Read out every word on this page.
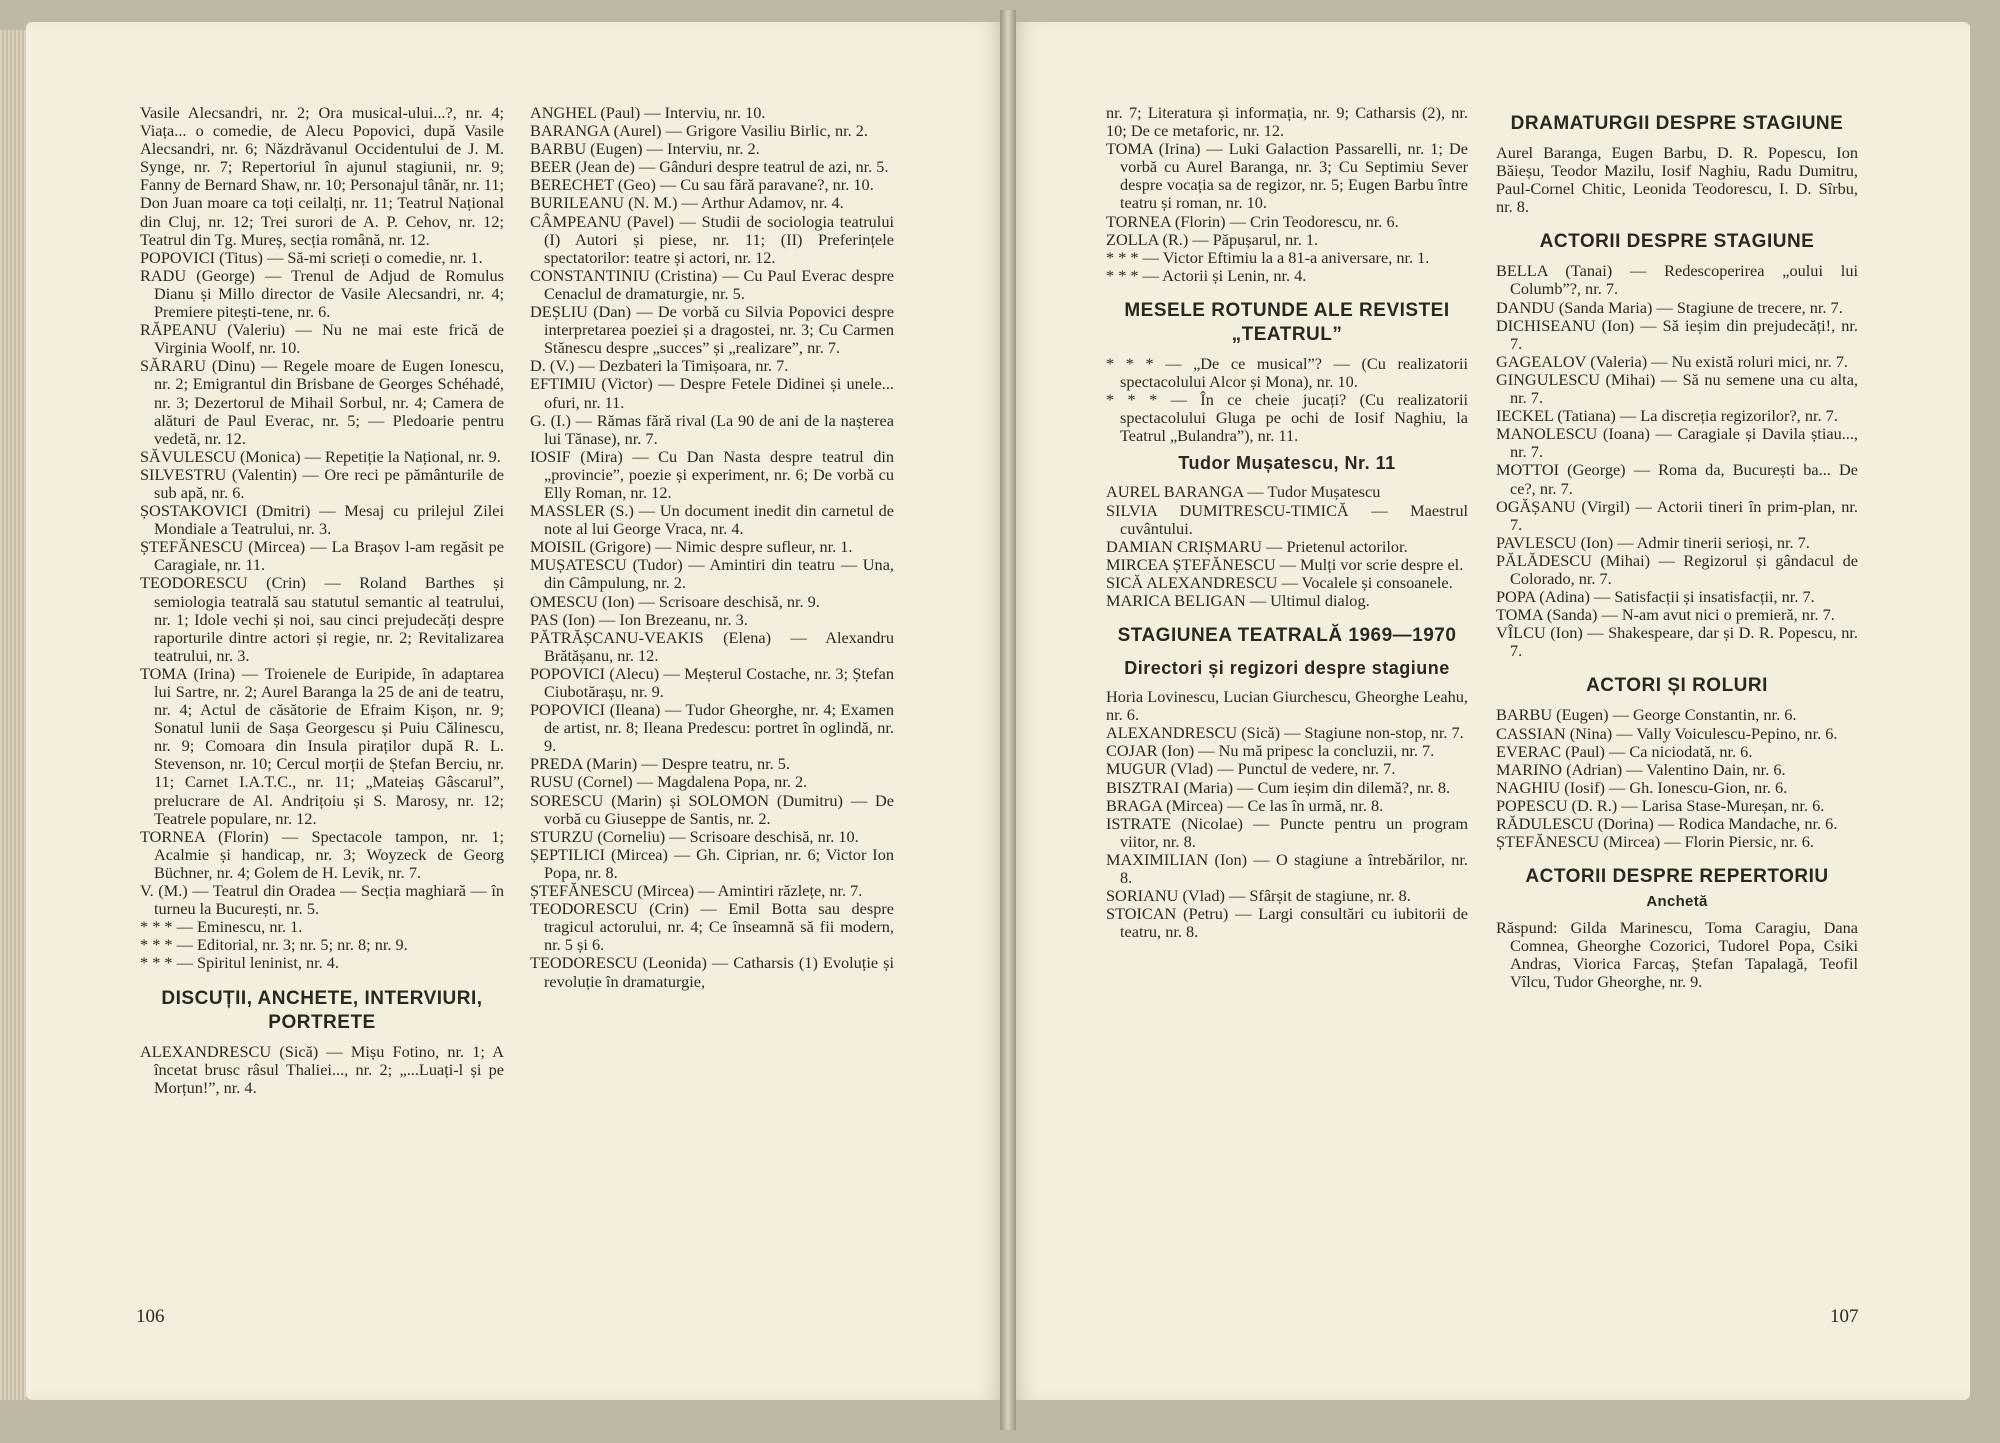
Vasile Alecsandri, nr. 2; Ora musical-ului...?, nr. 4; Viața... o comedie, de Alecu Popovici, după Vasile Alecsandri, nr. 6; Năzdrăvanul Occidentului de J. M. Synge, nr. 7; Repertoriul în ajunul stagiunii, nr. 9; Fanny de Bernard Shaw, nr. 10; Personajul tânăr, nr. 11; Don Juan moare ca toți ceilalți, nr. 11; Teatrul Național din Cluj, nr. 12; Trei surori de A. P. Cehov, nr. 12; Teatrul din Tg. Mureș, secția română, nr. 12.
POPOVICI (Titus) — Să-mi scrieți o comedie, nr. 1.
RADU (George) — Trenul de Adjud de Romulus Dianu și Millo director de Vasile Alecsandri, nr. 4; Premiere pitești-tene, nr. 6.
RĂPEANU (Valeriu) — Nu ne mai este frică de Virginia Woolf, nr. 10.
SĂRARU (Dinu) — Regele moare de Eugen Ionescu, nr. 2; Emigrantul din Brisbane de Georges Schéhadé, nr. 3; Dezertorul de Mihail Sorbul, nr. 4; Camera de alături de Paul Everac, nr. 5; — Pledoarie pentru vedetă, nr. 12.
SĂVULESCU (Monica) — Repetiție la Național, nr. 9.
SILVESTRU (Valentin) — Ore reci pe pământurile de sub apă, nr. 6.
ȘOSTAKOVICI (Dmitri) — Mesaj cu prilejul Zilei Mondiale a Teatrului, nr. 3.
ȘTEFĂNESCU (Mircea) — La Brașov l-am regăsit pe Caragiale, nr. 11.
TEODORESCU (Crin) — Roland Barthes și semiologia teatrală sau statutul semantic al teatrului, nr. 1; Idole vechi și noi, sau cinci prejudecăți despre raporturile dintre actori și regie, nr. 2; Revitalizarea teatrului, nr. 3.
TOMA (Irina) — Troienele de Euripide, în adaptarea lui Sartre, nr. 2; Aurel Baranga la 25 de ani de teatru, nr. 4; Actul de căsătorie de Efraim Kișon, nr. 9; Sonatul lunii de Sașa Georgescu și Puiu Călinescu, nr. 9; Comoara din Insula piraților după R. L. Stevenson, nr. 10; Cercul morții de Ștefan Berciu, nr. 11; Carnet I.A.T.C., nr. 11; „Mateiaș Gâscarul”, prelucrare de Al. Andrițoiu și S. Marosy, nr. 12; Teatrele populare, nr. 12.
TORNEA (Florin) — Spectacole tampon, nr. 1; Acalmie și handicap, nr. 3; Woyzeck de Georg Büchner, nr. 4; Golem de H. Levik, nr. 7.
V. (M.) — Teatrul din Oradea — Secția maghiară — în turneu la București, nr. 5.
* * * — Eminescu, nr. 1.
* * * — Editorial, nr. 3; nr. 5; nr. 8; nr. 9.
* * * — Spiritul leninist, nr. 4.
DISCUȚII, ANCHETE, INTERVIURI, PORTRETE
ALEXANDRESCU (Sică) — Mișu Fotino, nr. 1; A încetat brusc râsul Thaliei..., nr. 2; „...Luați-l și pe Morțun!”, nr. 4.
ANGHEL (Paul) — Interviu, nr. 10.
BARANGA (Aurel) — Grigore Vasiliu Birlic, nr. 2.
BARBU (Eugen) — Interviu, nr. 2.
BEER (Jean de) — Gânduri despre teatrul de azi, nr. 5.
BERECHET (Geo) — Cu sau fără paravane?, nr. 10.
BURILEANU (N. M.) — Arthur Adamov, nr. 4.
CÂMPEANU (Pavel) — Studii de sociologia teatrului (I) Autori și piese, nr. 11; (II) Preferințele spectatorilor: teatre și actori, nr. 12.
CONSTANTINIU (Cristina) — Cu Paul Everac despre Cenaclul de dramaturgie, nr. 5.
DEȘLIU (Dan) — De vorbă cu Silvia Popovici despre interpretarea poeziei și a dragostei, nr. 3; Cu Carmen Stănescu despre „succes” și „realizare”, nr. 7.
D. (V.) — Dezbateri la Timișoara, nr. 7.
EFTIMIU (Victor) — Despre Fetele Didinei și unele... ofuri, nr. 11.
G. (I.) — Rămas fără rival (La 90 de ani de la nașterea lui Tănase), nr. 7.
IOSIF (Mira) — Cu Dan Nasta despre teatrul din „provincie”, poezie și experiment, nr. 6; De vorbă cu Elly Roman, nr. 12.
MASSLER (S.) — Un document inedit din carnetul de note al lui George Vraca, nr. 4.
MOISIL (Grigore) — Nimic despre sufleur, nr. 1.
MUȘATESCU (Tudor) — Amintiri din teatru — Una, din Câmpulung, nr. 2.
OMESCU (Ion) — Scrisoare deschisă, nr. 9.
PAS (Ion) — Ion Brezeanu, nr. 3.
PĂTRĂȘCANU-VEAKIS (Elena) — Alexandru Brătășanu, nr. 12.
POPOVICI (Alecu) — Meșterul Costache, nr. 3; Ștefan Ciubotărașu, nr. 9.
POPOVICI (Ileana) — Tudor Gheorghe, nr. 4; Examen de artist, nr. 8; Ileana Predescu: portret în oglindă, nr. 9.
PREDA (Marin) — Despre teatru, nr. 5.
RUSU (Cornel) — Magdalena Popa, nr. 2.
SORESCU (Marin) și SOLOMON (Dumitru) — De vorbă cu Giuseppe de Santis, nr. 2.
STURZU (Corneliu) — Scrisoare deschisă, nr. 10.
ȘEPTILICI (Mircea) — Gh. Ciprian, nr. 6; Victor Ion Popa, nr. 8.
ȘTEFĂNESCU (Mircea) — Amintiri răzlețe, nr. 7.
TEODORESCU (Crin) — Emil Botta sau despre tragicul actorului, nr. 4; Ce înseamnă să fii modern, nr. 5 și 6.
TEODORESCU (Leonida) — Catharsis (1) Evoluție și revoluție în dramaturgie,
nr. 7; Literatura și informația, nr. 9; Catharsis (2), nr. 10; De ce metaforic, nr. 12.
TOMA (Irina) — Luki Galaction Passarelli, nr. 1; De vorbă cu Aurel Baranga, nr. 3; Cu Septimiu Sever despre vocația sa de regizor, nr. 5; Eugen Barbu între teatru și roman, nr. 10.
TORNEA (Florin) — Crin Teodorescu, nr. 6.
ZOLLA (R.) — Păpușarul, nr. 1.
* * * — Victor Eftimiu la a 81-a aniversare, nr. 1.
* * * — Actorii și Lenin, nr. 4.
MESELE ROTUNDE ALE REVISTEI „TEATRUL”
* * * — „De ce musical”? — (Cu realizatorii spectacolului Alcor și Mona), nr. 10.
* * * — În ce cheie jucați? (Cu realizatorii spectacolului Gluga pe ochi de Iosif Naghiu, la Teatrul „Bulandra”), nr. 11.
Tudor Mușatescu, Nr. 11
AUREL BARANGA — Tudor Mușatescu
SILVIA DUMITRESCU-TIMICĂ — Maestrul cuvântului.
DAMIAN CRIȘMARU — Prietenul actorilor.
MIRCEA ȘTEFĂNESCU — Mulți vor scrie despre el.
SICĂ ALEXANDRESCU — Vocalele și consoanele.
MARICA BELIGAN — Ultimul dialog.
STAGIUNEA TEATRALĂ 1969—1970
Directori și regizori despre stagiune
Horia Lovinescu, Lucian Giurchescu, Gheorghe Leahu, nr. 6.
ALEXANDRESCU (Sică) — Stagiune non-stop, nr. 7.
COJAR (Ion) — Nu mă pripesc la concluzii, nr. 7.
MUGUR (Vlad) — Punctul de vedere, nr. 7.
BISZTRAI (Maria) — Cum ieșim din dilemă?, nr. 8.
BRAGA (Mircea) — Ce las în urmă, nr. 8.
ISTRATE (Nicolae) — Puncte pentru un program viitor, nr. 8.
MAXIMILIAN (Ion) — O stagiune a întrebărilor, nr. 8.
SORIANU (Vlad) — Sfârșit de stagiune, nr. 8.
STOICAN (Petru) — Largi consultări cu iubitorii de teatru, nr. 8.
DRAMATURGII DESPRE STAGIUNE
Aurel Baranga, Eugen Barbu, D. R. Popescu, Ion Băieșu, Teodor Mazilu, Iosif Naghiu, Radu Dumitru, Paul-Cornel Chitic, Leonida Teodorescu, I. D. Sîrbu, nr. 8.
ACTORII DESPRE STAGIUNE
BELLA (Tanai) — Redescoperirea „oului lui Columb”?, nr. 7.
DANDU (Sanda Maria) — Stagiune de trecere, nr. 7.
DICHISEANU (Ion) — Să ieșim din prejudecăți!, nr. 7.
GAGEALOV (Valeria) — Nu există roluri mici, nr. 7.
GINGULESCU (Mihai) — Să nu semene una cu alta, nr. 7.
IECKEL (Tatiana) — La discreția regizorilor?, nr. 7.
MANOLESCU (Ioana) — Caragiale și Davila știau..., nr. 7.
MOTTOI (George) — Roma da, București ba... De ce?, nr. 7.
OGĂȘANU (Virgil) — Actorii tineri în prim-plan, nr. 7.
PAVLESCU (Ion) — Admir tinerii serioși, nr. 7.
PĂLĂDESCU (Mihai) — Regizorul și gândacul de Colorado, nr. 7.
POPA (Adina) — Satisfacții și insatisfacții, nr. 7.
TOMA (Sanda) — N-am avut nici o premieră, nr. 7.
VÎLCU (Ion) — Shakespeare, dar și D. R. Popescu, nr. 7.
ACTORI ȘI ROLURI
BARBU (Eugen) — George Constantin, nr. 6.
CASSIAN (Nina) — Vally Voiculescu-Pepino, nr. 6.
EVERAC (Paul) — Ca niciodată, nr. 6.
MARINO (Adrian) — Valentino Dain, nr. 6.
NAGHIU (Iosif) — Gh. Ionescu-Gion, nr. 6.
POPESCU (D. R.) — Larisa Stase-Mureșan, nr. 6.
RĂDULESCU (Dorina) — Rodica Mandache, nr. 6.
ȘTEFĂNESCU (Mircea) — Florin Piersic, nr. 6.
ACTORII DESPRE REPERTORIU
Anchetă
Răspund: Gilda Marinescu, Toma Caragiu, Dana Comnea, Gheorghe Cozorici, Tudorel Popa, Csiki Andras, Viorica Farcaș, Ștefan Tapalagă, Teofil Vîlcu, Tudor Gheorghe, nr. 9.
106	107
